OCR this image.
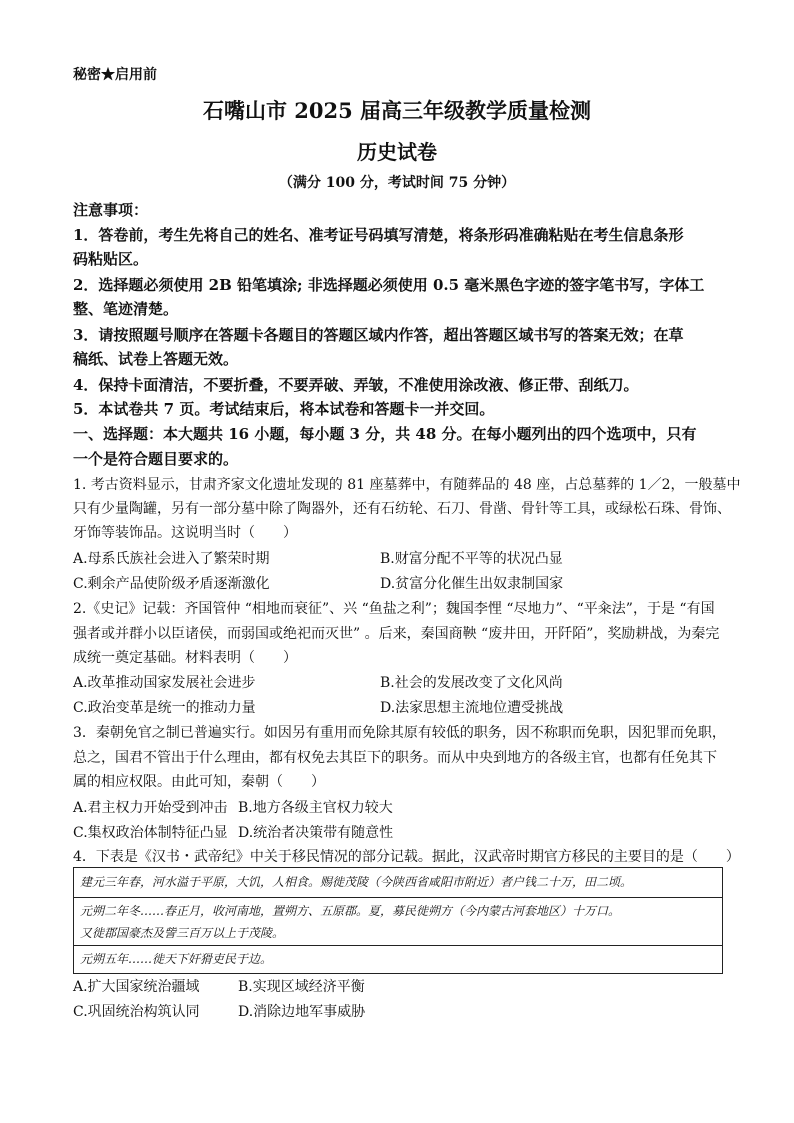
秘密★启用前
石嘴山市 2025 届高三年级教学质量检测
历史试卷
（满分 100 分，考试时间 75 分钟）
注意事项：
1．答卷前，考生先将自己的姓名、准考证号码填写清楚，将条形码准确粘贴在考生信息条形
码粘贴区。
2．选择题必须使用 2B 铅笔填涂; 非选择题必须使用 0.5 毫米黑色字迹的签字笔书写，字体工
整、笔迹清楚。
3．请按照题号顺序在答题卡各题目的答题区域内作答，超出答题区域书写的答案无效；在草
稿纸、试卷上答题无效。
4．保持卡面清洁，不要折叠，不要弄破、弄皱，不准使用涂改液、修正带、刮纸刀。
5．本试卷共 7 页。考试结束后，将本试卷和答题卡一并交回。
一、选择题：本大题共 16 小题，每小题 3 分，共 48 分。在每小题列出的四个选项中，只有
一个是符合题目要求的。
1. 考古资料显示，甘肃齐家文化遗址发现的 81 座墓葬中，有随葬品的 48 座，占总墓葬的 1／2，一般墓中
只有少量陶罐，另有一部分墓中除了陶器外，还有石纺轮、石刀、骨凿、骨针等工具，或绿松石珠、骨饰、
牙饰等装饰品。这说明当时（　　）
A.母系氏族社会进入了繁荣时期	B.财富分配不平等的状况凸显
C.剩余产品使阶级矛盾逐渐激化	D.贫富分化催生出奴隶制国家
2.《史记》记载：齐国管仲 “相地而衰征”、兴 “鱼盐之利”；魏国李悝 “尽地力”、“平籴法”，于是 “有国
强者或并群小以臣诸侯，而弱国或绝祀而灭世” 。后来，秦国商鞅 “废井田，开阡陌”，奖励耕战，为秦完
成统一奠定基础。材料表明（　　）
A.改革推动国家发展社会进步	B.社会的发展改变了文化风尚
C.政治变革是统一的推动力量	D.法家思想主流地位遭受挑战
3．秦朝免官之制已普遍实行。如因另有重用而免除其原有较低的职务，因不称职而免职，因犯罪而免职，
总之，国君不管出于什么理由，都有权免去其臣下的职务。而从中央到地方的各级主官，也都有任免其下
属的相应权限。由此可知，秦朝（　　）
A.君主权力开始受到冲击 B.地方各级主官权力较大
C.集权政治体制特征凸显 D.统治者决策带有随意性
4．下表是《汉书・武帝纪》中关于移民情况的部分记载。据此，汉武帝时期官方移民的主要目的是（　　）
建元三年春，河水溢于平原，大饥，人相食。赐徙茂陵（今陕西省咸阳市附近）者户钱二十万，田二顷。
元朔二年冬……春正月，收河南地，置朔方、五原郡。夏，募民徙朔方（今内蒙古河套地区）十万口。
又徙郡国豪杰及訾三百万以上于茂陵。
元朔五年……徙天下奸猾吏民于边。
A.扩大国家统治疆域	B.实现区域经济平衡
C.巩固统治构筑认同	D.消除边地军事威胁
